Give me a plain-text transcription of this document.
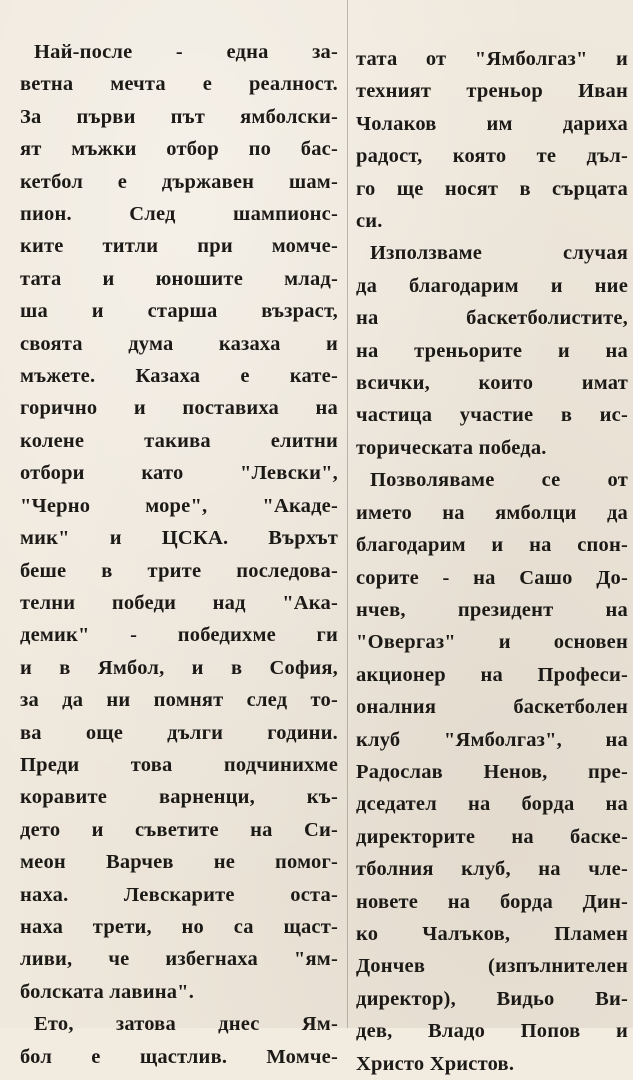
Най-после - една за-
ветна мечта е реалност.
За първи път ямболски-
ят мъжки отбор по бас-
кетбол е държавен шам-
пион. След шампионс-
ките титли при момче-
тата и юношите млад-
ша и старша възраст,
своята дума казаха и
мъжете. Казаха е кате-
горично и поставиха на
колене такива елитни
отбори като "Левски",
"Черно море", "Акаде-
мик" и ЦСКА. Върхът
беше в трите последова-
телни победи над "Ака-
демик" - победихме ги
и в Ямбол, и в София,
за да ни помнят след то-
ва още дълги години.
Преди това подчинихме
коравите варненци, къ-
дето и съветите на Си-
меон Варчев не помог-
наха. Левскарите оста-
наха трети, но са щаст-
ливи, че избегнаха "ям-
болската лавина".
Ето, затова днес Ям-
бол е щастлив. Момче-
тата от "Ямболгаз" и
техният треньор Иван
Чолаков им дариха
радост, която те дъл-
го ще носят в сърцата
си.
Използваме случая
да благодарим и ние
на баскетболистите,
на треньорите и на
всички, които имат
частица участие в ис-
торическата победа.
Позволяваме се от
името на ямболци да
благодарим и на спон-
сорите - на Сашо До-
нчев, президент на
"Овергаз" и основен
акционер на Професи-
оналния баскетболен
клуб "Ямболгаз", на
Радослав Ненов, пре-
дседател на борда на
директорите на баске-
тболния клуб, на чле-
новете на борда Дин-
ко Чалъков, Пламен
Дончев (изпълнителен
директор), Видьо Ви-
дев, Владо Попов и
Христо Христов.
